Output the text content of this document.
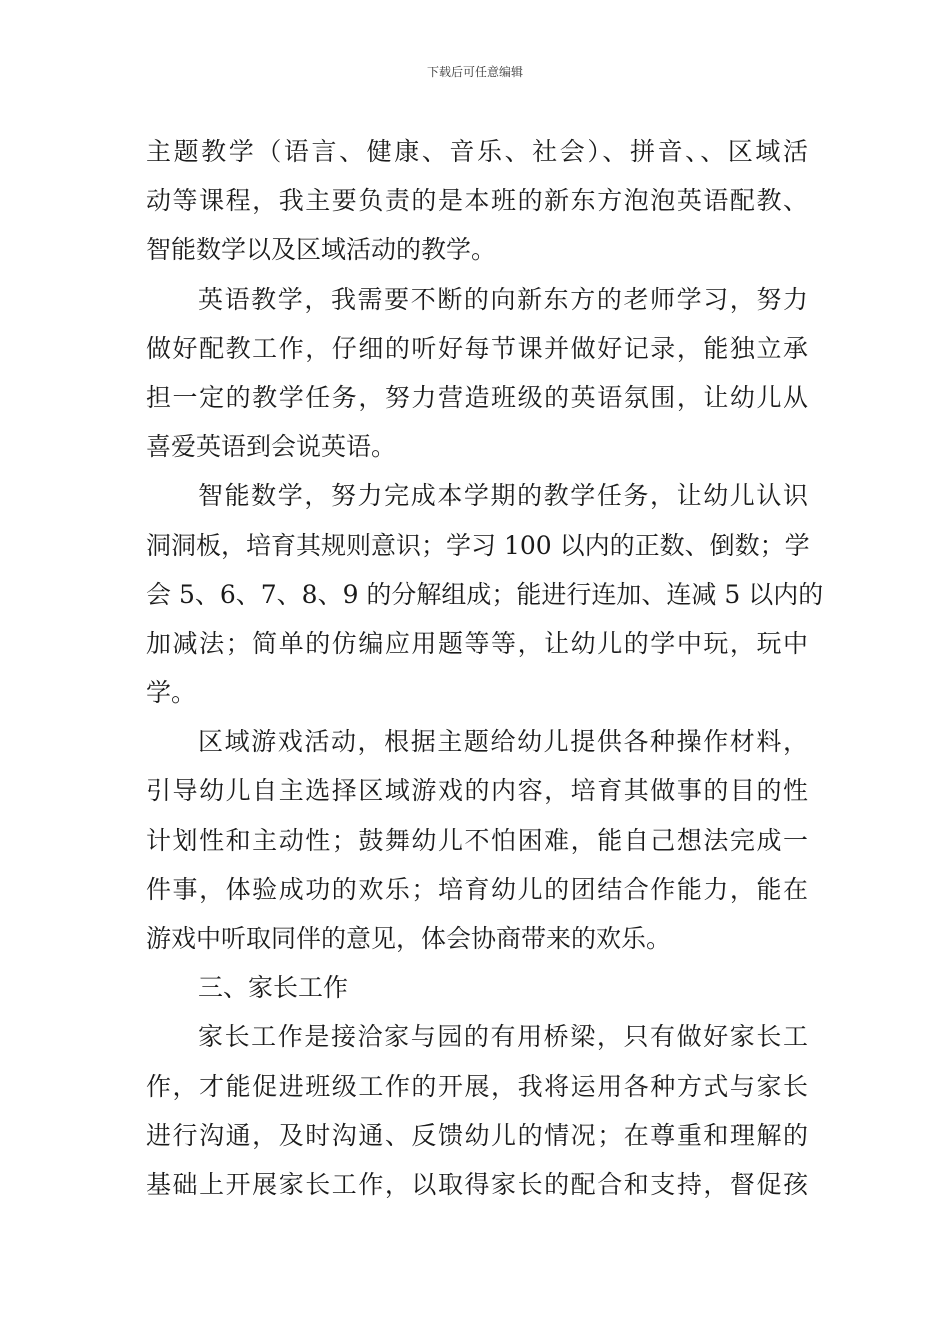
下载后可任意编辑
主题教学（语言、健康、音乐、社会）、拼音、、区域活
动等课程，我主要负责的是本班的新东方泡泡英语配教、
智能数学以及区域活动的教学。
英语教学，我需要不断的向新东方的老师学习，努力
做好配教工作，仔细的听好每节课并做好记录，能独立承
担一定的教学任务，努力营造班级的英语氛围，让幼儿从
喜爱英语到会说英语。
智能数学，努力完成本学期的教学任务，让幼儿认识
洞洞板，培育其规则意识；学习 100 以内的正数、倒数；学
会 5、6、7、8、9 的分解组成；能进行连加、连减 5 以内的
加减法；简单的仿编应用题等等，让幼儿的学中玩，玩中
学。
区域游戏活动，根据主题给幼儿提供各种操作材料，
引导幼儿自主选择区域游戏的内容，培育其做事的目的性
计划性和主动性；鼓舞幼儿不怕困难，能自己想法完成一
件事，体验成功的欢乐；培育幼儿的团结合作能力，能在
游戏中听取同伴的意见，体会协商带来的欢乐。
三、家长工作
家长工作是接洽家与园的有用桥梁，只有做好家长工
作，才能促进班级工作的开展，我将运用各种方式与家长
进行沟通，及时沟通、反馈幼儿的情况；在尊重和理解的
基础上开展家长工作，以取得家长的配合和支持，督促孩
